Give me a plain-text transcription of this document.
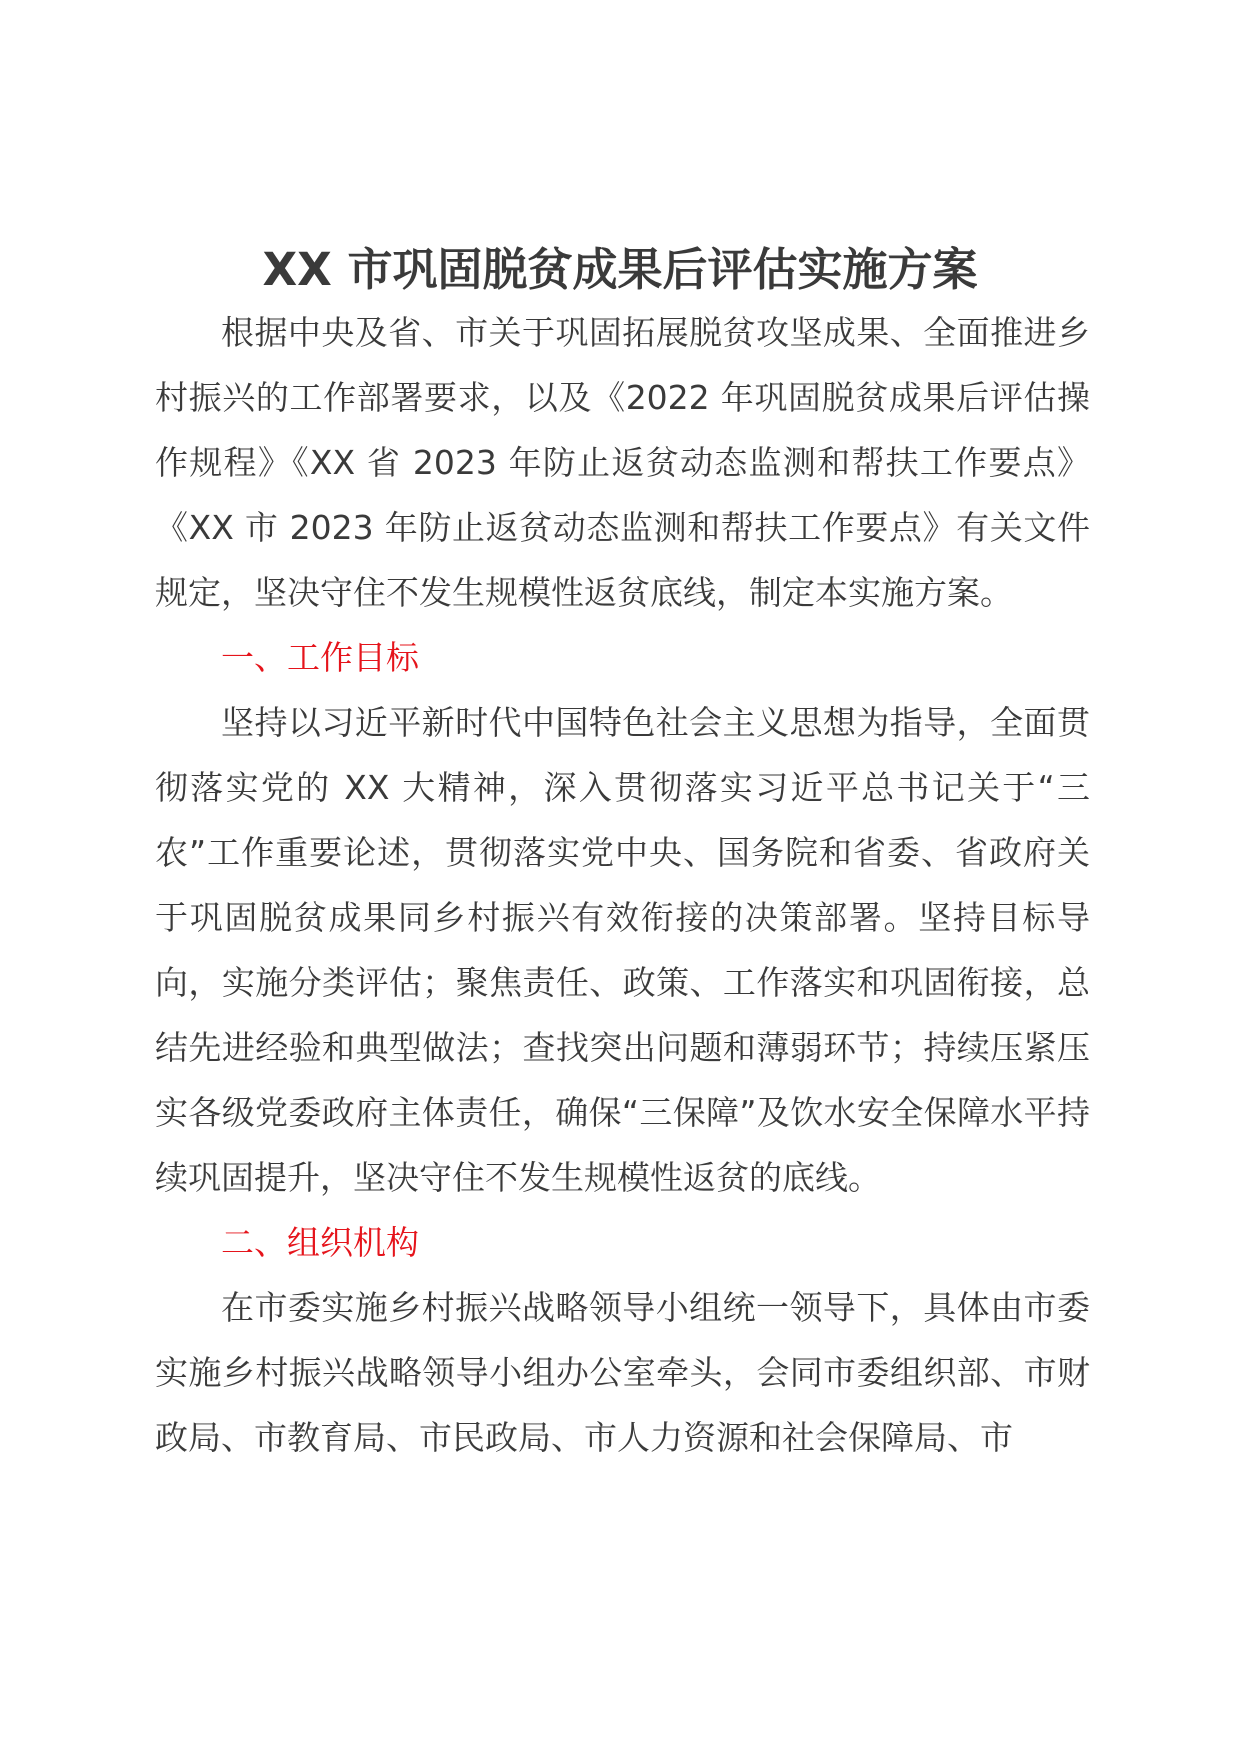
XX 市巩固脱贫成果后评估实施方案

根据中央及省、市关于巩固拓展脱贫攻坚成果、全面推进乡村振兴的工作部署要求，以及《2022 年巩固脱贫成果后评估操作规程》《XX 省 2023 年防止返贫动态监测和帮扶工作要点》《XX 市 2023 年防止返贫动态监测和帮扶工作要点》有关文件规定，坚决守住不发生规模性返贫底线，制定本实施方案。

一、工作目标

坚持以习近平新时代中国特色社会主义思想为指导，全面贯彻落实党的 XX 大精神，深入贯彻落实习近平总书记关于“三农”工作重要论述，贯彻落实党中央、国务院和省委、省政府关于巩固脱贫成果同乡村振兴有效衔接的决策部署。坚持目标导向，实施分类评估；聚焦责任、政策、工作落实和巩固衔接，总结先进经验和典型做法；查找突出问题和薄弱环节；持续压紧压实各级党委政府主体责任，确保“三保障”及饮水安全保障水平持续巩固提升，坚决守住不发生规模性返贫的底线。

二、组织机构

在市委实施乡村振兴战略领导小组统一领导下，具体由市委实施乡村振兴战略领导小组办公室牵头，会同市委组织部、市财政局、市教育局、市民政局、市人力资源和社会保障局、市
